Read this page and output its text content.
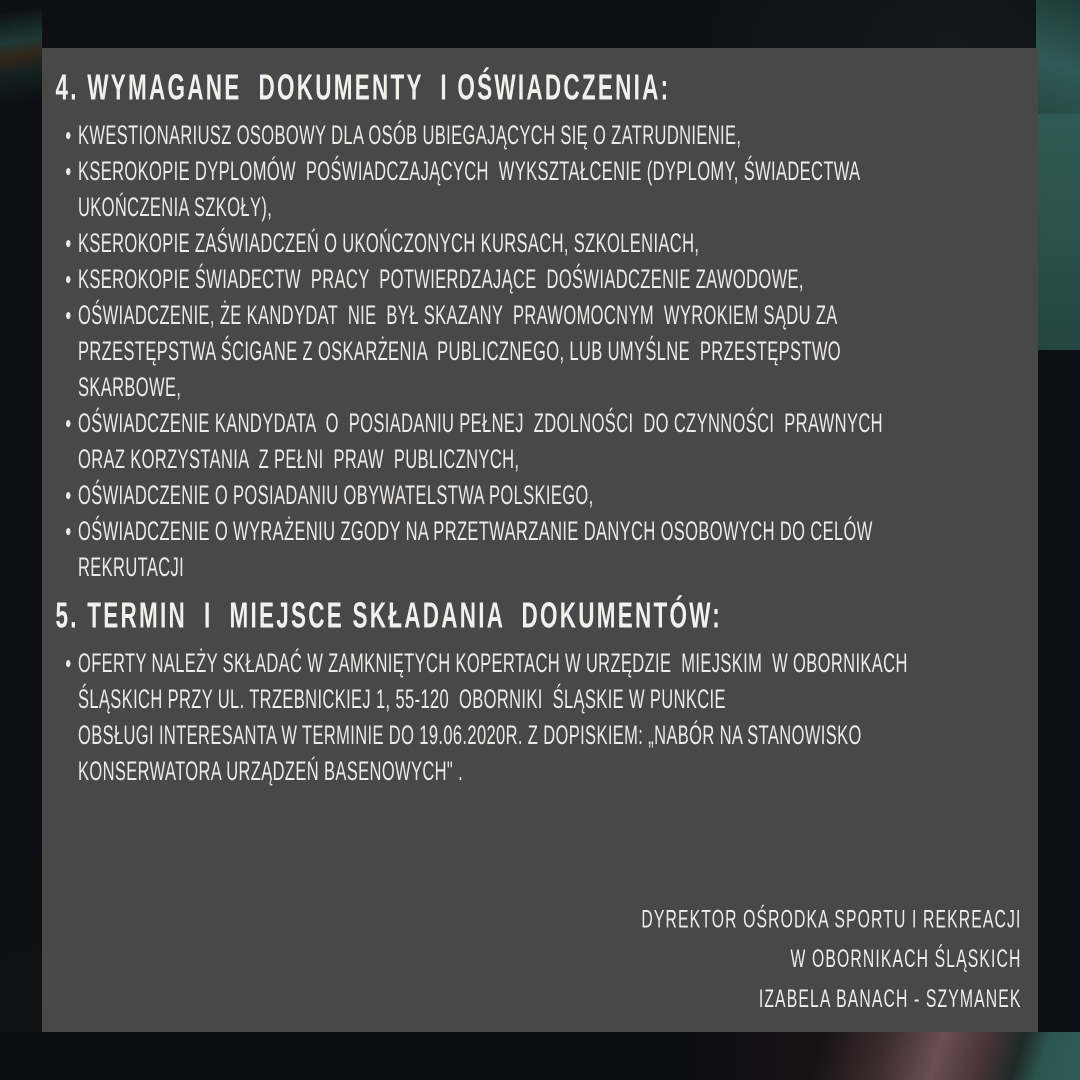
4. WYMAGANE  DOKUMENTY  I OŚWIADCZENIA:
KWESTIONARIUSZ OSOBOWY DLA OSÓB UBIEGAJĄCYCH SIĘ O ZATRUDNIENIE,
KSEROKOPIE DYPLOMÓW  POŚWIADCZAJĄCYCH  WYKSZTAŁCENIE (DYPLOMY, ŚWIADECTWA
UKOŃCZENIA SZKOŁY),
KSEROKOPIE ZAŚWIADCZEŃ O UKOŃCZONYCH KURSACH, SZKOLENIACH,
KSEROKOPIE ŚWIADECTW  PRACY  POTWIERDZAJĄCE  DOŚWIADCZENIE ZAWODOWE,
OŚWIADCZENIE, ŻE KANDYDAT  NIE  BYŁ SKAZANY  PRAWOMOCNYM  WYROKIEM SĄDU ZA
PRZESTĘPSTWA ŚCIGANE Z OSKARŻENIA  PUBLICZNEGO, LUB UMYŚLNE  PRZESTĘPSTWO
SKARBOWE,
OŚWIADCZENIE KANDYDATA  O  POSIADANIU PEŁNEJ  ZDOLNOŚCI  DO CZYNNOŚCI  PRAWNYCH
ORAZ KORZYSTANIA  Z PEŁNI  PRAW  PUBLICZNYCH,
OŚWIADCZENIE O POSIADANIU OBYWATELSTWA POLSKIEGO,
OŚWIADCZENIE O WYRAŻENIU ZGODY NA PRZETWARZANIE DANYCH OSOBOWYCH DO CELÓW
REKRUTACJI
5. TERMIN  I  MIEJSCE SKŁADANIA  DOKUMENTÓW:
OFERTY NALEŻY SKŁADAĆ W ZAMKNIĘTYCH KOPERTACH W URZĘDZIE  MIEJSKIM  W OBORNIKACH
ŚLĄSKICH PRZY UL. TRZEBNICKIEJ 1, 55-120  OBORNIKI  ŚLĄSKIE W PUNKCIE
OBSŁUGI INTERESANTA W TERMINIE DO 19.06.2020R. Z DOPISKIEM: „NABÓR NA STANOWISKO
KONSERWATORA URZĄDZEŃ BASENOWYCH" .
DYREKTOR OŚRODKA SPORTU I REKREACJI
W OBORNIKACH ŚLĄSKICH
IZABELA BANACH - SZYMANEK
